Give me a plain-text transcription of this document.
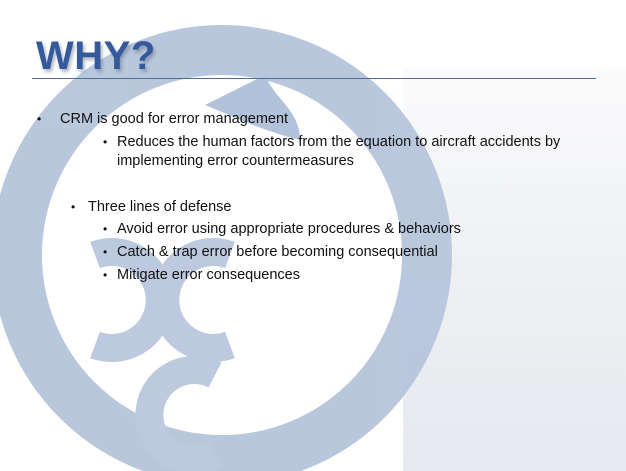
WHY?
• CRM is good for error management

• Reduces the human factors from the equation to aircraft accidents by

implementing error countermeasures

• Three lines of defense

• Avoid error using appropriate procedures & behaviors

• Catch & trap error before becoming consequential

• Mitigate error consequences
